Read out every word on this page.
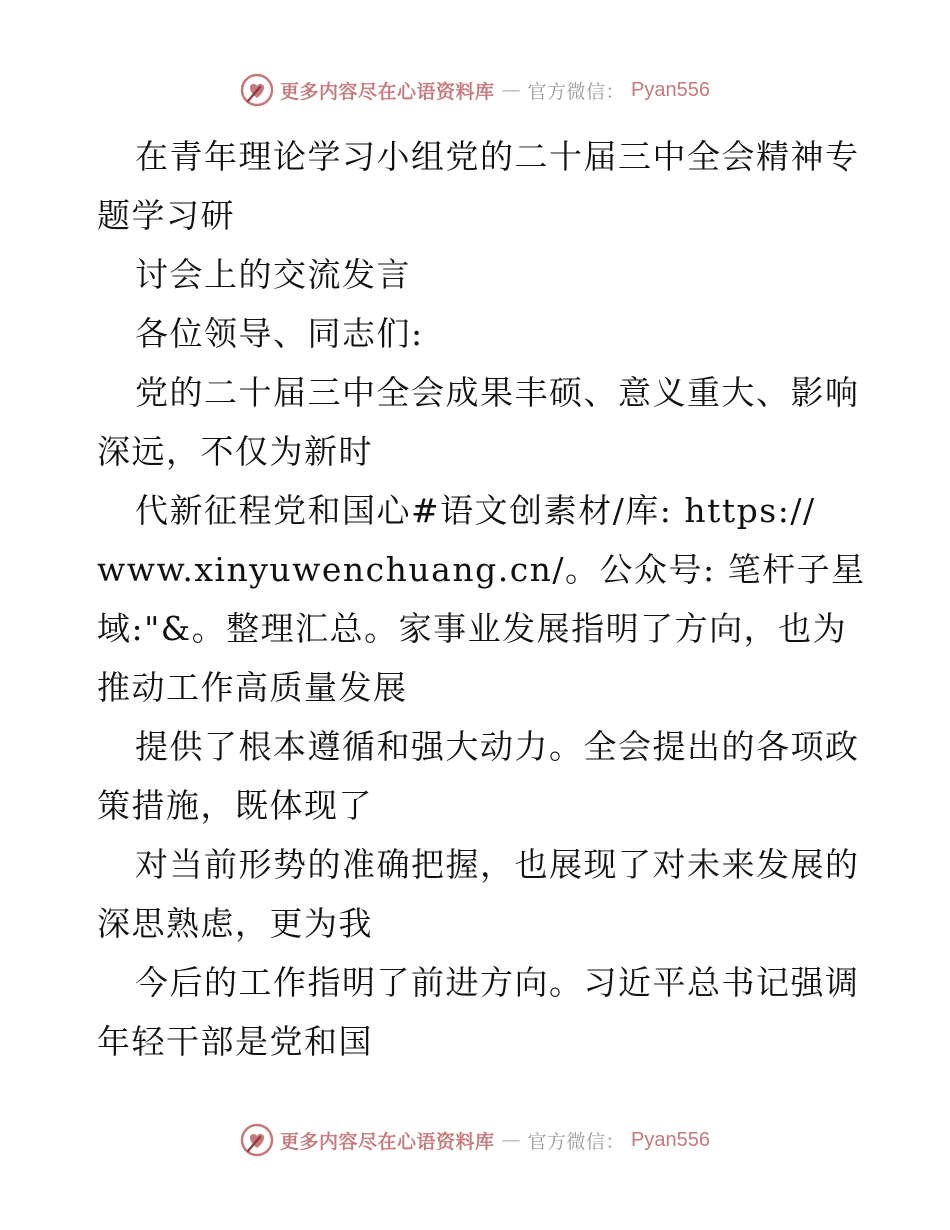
更多内容尽在心语资料库 — 官方微信： Pyan556

在青年理论学习小组党的二十届三中全会精神专
题学习研

讨会上的交流发言

各位领导、同志们:

党的二十届三中全会成果丰硕、意义重大、影响
深远，不仅为新时

代新征程党和国心#语文创素材/库: https://
www.xinyuwenchuang.cn/。公众号: 笔杆子星
域:"&。整理汇总。家事业发展指明了方向，也为
推动工作高质量发展

提供了根本遵循和强大动力。全会提出的各项政
策措施，既体现了

对当前形势的准确把握，也展现了对未来发展的
深思熟虑，更为我

今后的工作指明了前进方向。习近平总书记强调
年轻干部是党和国

更多内容尽在心语资料库 — 官方微信： Pyan556
